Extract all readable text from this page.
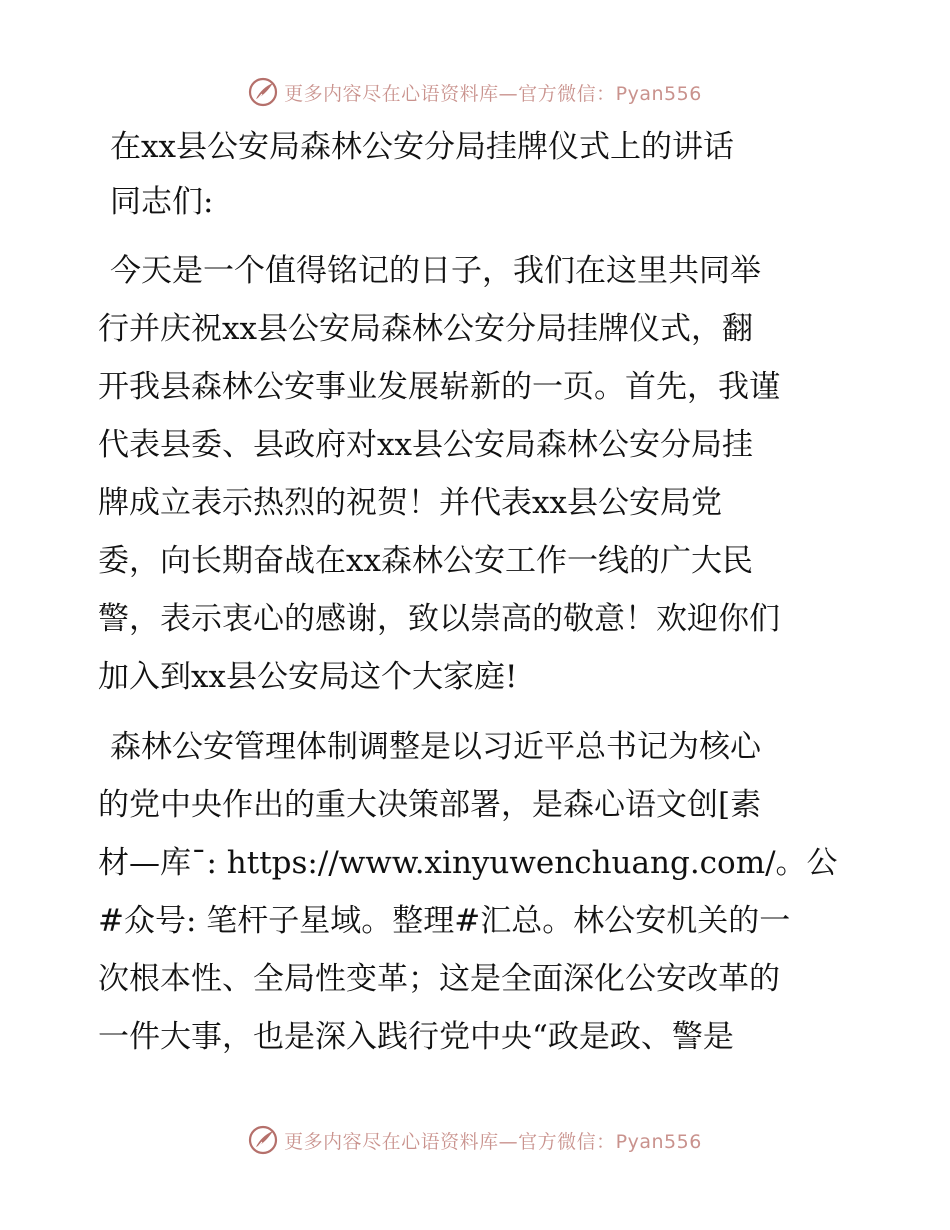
更多内容尽在心语资料库—官方微信：Pyan556
在xx县公安局森林公安分局挂牌仪式上的讲话
同志们:
今天是一个值得铭记的日子，我们在这里共同举
行并庆祝xx县公安局森林公安分局挂牌仪式，翻
开我县森林公安事业发展崭新的一页。首先，我谨
代表县委、县政府对xx县公安局森林公安分局挂
牌成立表示热烈的祝贺！并代表xx县公安局党
委，向长期奋战在xx森林公安工作一线的广大民
警，表示衷心的感谢，致以崇高的敬意！欢迎你们
加入到xx县公安局这个大家庭!
森林公安管理体制调整是以习近平总书记为核心
的党中央作出的重大决策部署，是森心语文创[素
材—库¯: https://www.xinyuwenchuang.com/。公
#众号: 笔杆子星域。整理#汇总。林公安机关的一
次根本性、全局性变革；这是全面深化公安改革的
一件大事，也是深入践行党中央“政是政、警是
更多内容尽在心语资料库—官方微信：Pyan556
